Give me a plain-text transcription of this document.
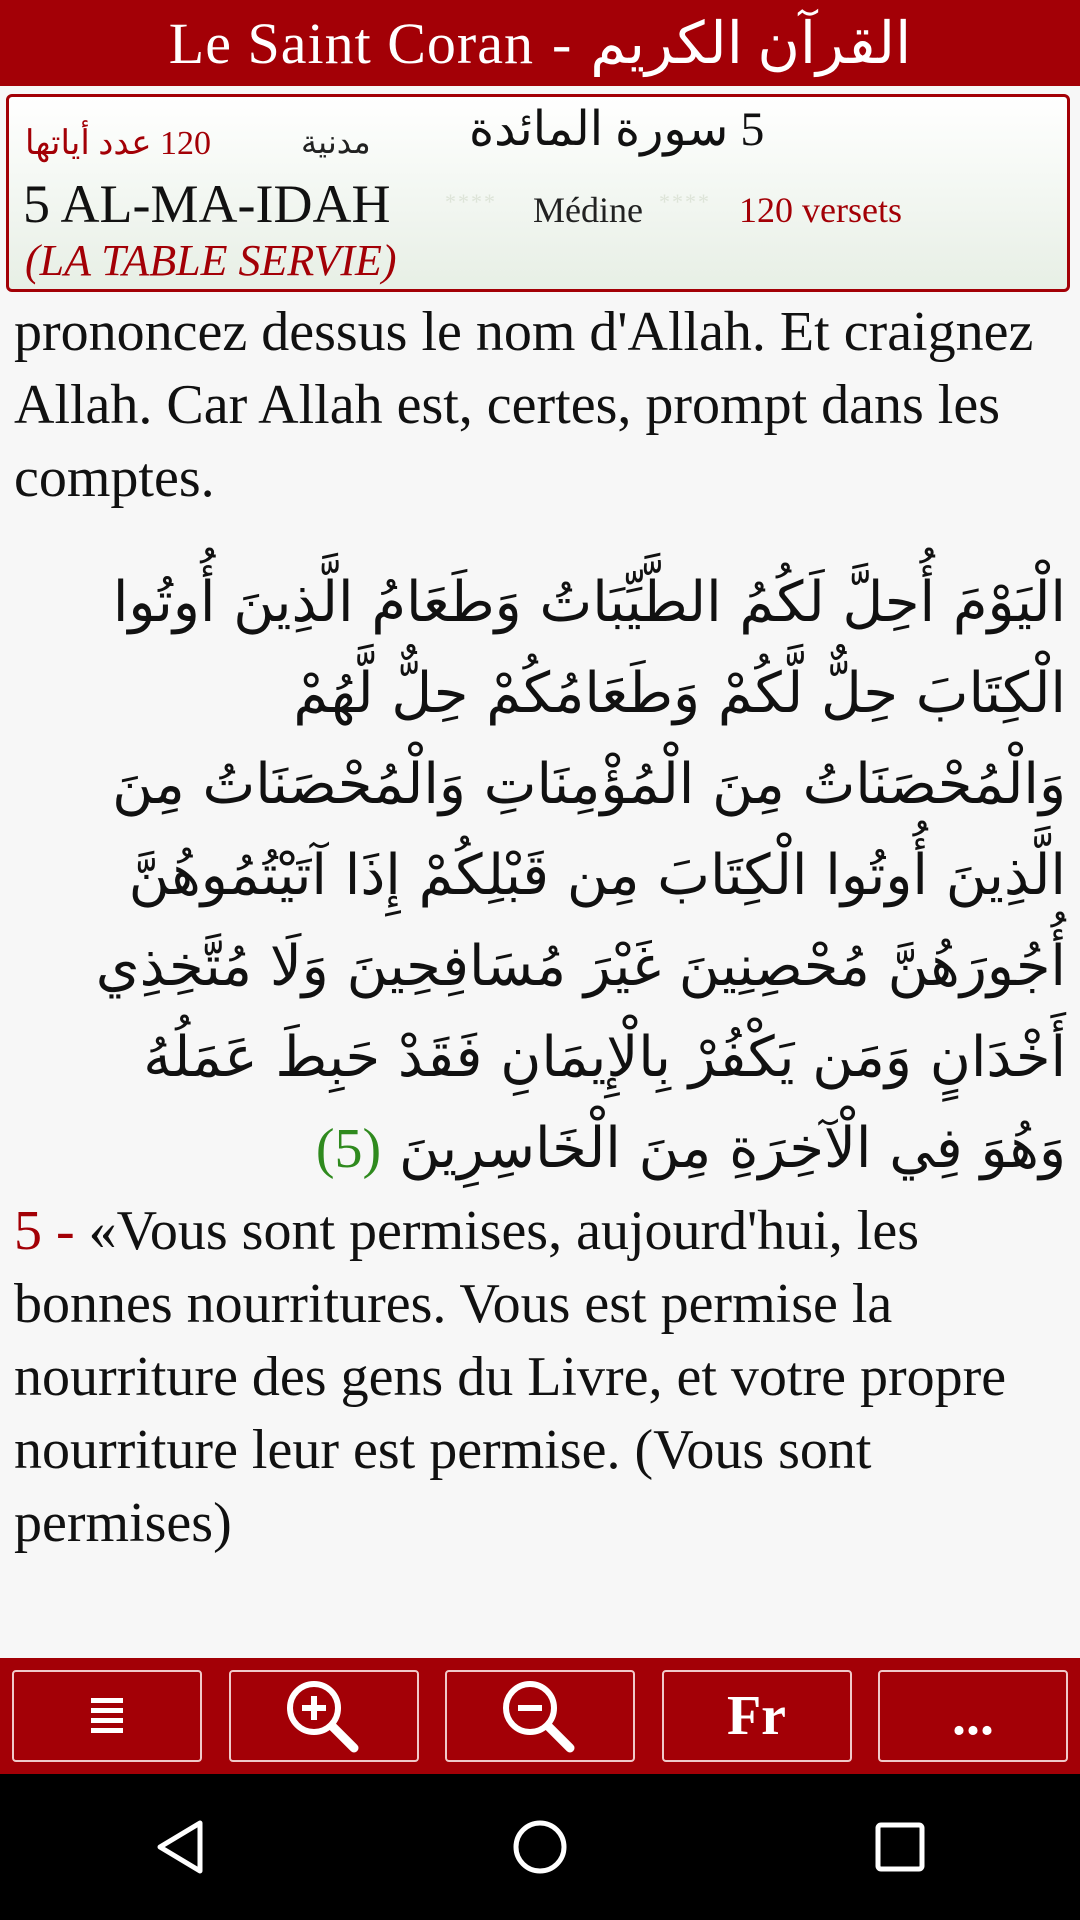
Le Saint Coran - القرآن الكريم
120 عدد أياتها	مدنية 5 سورة المائدة
5 AL-MA-IDAH **** Médine **** 120 versets
(LA TABLE SERVIE)
prononcez dessus le nom d'Allah. Et craignez Allah. Car Allah est, certes, prompt dans les comptes.
الْيَوْمَ أُحِلَّ لَكُمُ الطَّيِّبَاتُ وَطَعَامُ الَّذِينَ أُوتُوا الْكِتَابَ حِلٌّ لَّكُمْ وَطَعَامُكُمْ حِلٌّ لَّهُمْ وَالْمُحْصَنَاتُ مِنَ الْمُؤْمِنَاتِ وَالْمُحْصَنَاتُ مِنَ الَّذِينَ أُوتُوا الْكِتَابَ مِن قَبْلِكُمْ إِذَا آتَيْتُمُوهُنَّ أُجُورَهُنَّ مُحْصِنِينَ غَيْرَ مُسَافِحِينَ وَلَا مُتَّخِذِي أَخْدَانٍ وَمَن يَكْفُرْ بِالْإِيمَانِ فَقَدْ حَبِطَ عَمَلُهُ وَهُوَ فِي الْآخِرَةِ مِنَ الْخَاسِرِينَ (5)
5 - «Vous sont permises, aujourd'hui, les bonnes nourritures. Vous est permise la nourriture des gens du Livre, et votre propre nourriture leur est permise. (Vous sont permises)
Fr	...
